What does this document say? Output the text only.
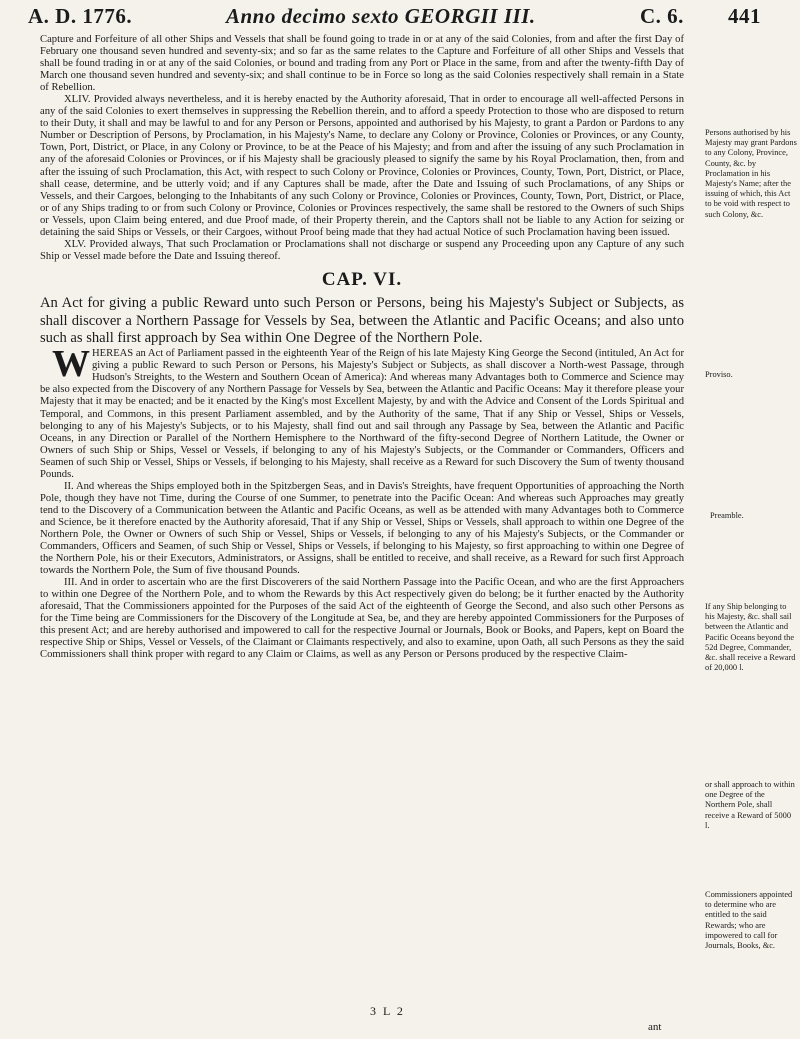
A. D. 1776.	Anno decimo sexto GEORGII III.	C. 6. 441

Capture and Forfeiture of all other Ships and Vessels that shall be found going to trade in or at any of the said Colonies, from and after the first Day of February one thousand seven hundred and seventy-six; and so far as the same relates to the Capture and Forfeiture of all other Ships and Vessels that shall be found trading in or at any of the said Colonies, or bound and trading from any Port or Place in the same, from and after the twenty-fifth Day of March one thousand seven hundred and seventy-six; and shall continue to be in Force so long as the said Colonies respectively shall remain in a State of Rebellion.

XLIV. Provided always nevertheless, and it is hereby enacted by the Authority aforesaid, That in order to encourage all well-affected Persons in any of the said Colonies to exert themselves in suppressing the Rebellion therein, and to afford a speedy Protection to those who are disposed to return to their Duty, it shall and may be lawful to and for any Person or Persons, appointed and authorised by his Majesty, to grant a Pardon or Pardons to any Number or Description of Persons, by Proclamation, in his Majesty's Name, to declare any Colony or Province, Colonies or Provinces, or any County, Town, Port, District, or Place, in any Colony or Province, to be at the Peace of his Majesty; and from and after the issuing of any such Proclamation in any of the aforesaid Colonies or Provinces, or if his Majesty shall be graciously pleased to signify the same by his Royal Proclamation, then, from and after the issuing of such Proclamation, this Act, with respect to such Colony or Province, Colonies or Provinces, County, Town, Port, District, or Place, shall cease, determine, and be utterly void; and if any Captures shall be made, after the Date and Issuing of such Proclamations, of any Ships or Vessels, and their Cargoes, belonging to the Inhabitants of any such Colony or Province, Colonies or Provinces, County, Town, Port, District, or Place, or of any Ships trading to or from such Colony or Province, Colonies or Provinces respectively, the same shall be restored to the Owners of such Ships or Vessels, upon Claim being entered, and due Proof made, of their Property therein, and the Captors shall not be liable to any Action for seizing or detaining the said Ships or Vessels, or their Cargoes, without Proof being made that they had actual Notice of such Proclamation having been issued.

XLV. Provided always, That such Proclamation or Proclamations shall not discharge or suspend any Proceeding upon any Capture of any such Ship or Vessel made before the Date and Issuing thereof.

CAP. VI.

An Act for giving a public Reward unto such Person or Persons, being his Majesty's Subject or Subjects, as shall discover a Northern Passage for Vessels by Sea, between the Atlantic and Pacific Oceans; and also unto such as shall first approach by Sea within One Degree of the Northern Pole.

WHEREAS an Act of Parliament passed in the eighteenth Year of the Reign of his late Majesty King George the Second (intituled, An Act for giving a public Reward to such Person or Persons, his Majesty's Subject or Subjects, as shall discover a North-west Passage, through Hudson's Streights, to the Western and Southern Ocean of America): And whereas many Advantages both to Commerce and Science may be also expected from the Discovery of any Northern Passage for Vessels by Sea, between the Atlantic and Pacific Oceans: May it therefore please your Majesty that it may be enacted; and be it enacted by the King's most Excellent Majesty, by and with the Advice and Consent of the Lords Spiritual and Temporal, and Commons, in this present Parliament assembled, and by the Authority of the same, That if any Ship or Vessel, Ships or Vessels, belonging to any of his Majesty's Subjects, or to his Majesty, shall find out and sail through any Passage by Sea, between the Atlantic and Pacific Oceans, in any Direction or Parallel of the Northern Hemisphere to the Northward of the fifty-second Degree of Northern Latitude, the Owner or Owners of such Ship or Ships, Vessel or Vessels, if belonging to any of his Majesty's Subjects, or the Commander or Commanders, Officers and Seamen of such Ship or Vessel, Ships or Vessels, if belonging to his Majesty, shall receive as a Reward for such Discovery the Sum of twenty thousand Pounds.

II. And whereas the Ships employed both in the Spitzbergen Seas, and in Davis's Streights, have frequent Opportunities of approaching the North Pole, though they have not Time, during the Course of one Summer, to penetrate into the Pacific Ocean: And whereas such Approaches may greatly tend to the Discovery of a Communication between the Atlantic and Pacific Oceans, as well as be attended with many Advantages both to Commerce and Science, be it therefore enacted by the Authority aforesaid, That if any Ship or Vessel, Ships or Vessels, shall approach to within one Degree of the Northern Pole, the Owner or Owners of such Ship or Vessel, Ships or Vessels, if belonging to any of his Majesty's Subjects, or the Commander or Commanders, Officers and Seamen, of such Ship or Vessel, Ships or Vessels, if belonging to his Majesty, so first approaching to within one Degree of the Northern Pole, his or their Executors, Administrators, or Assigns, shall be entitled to receive, and shall receive, as a Reward for such first Approach towards the Northern Pole, the Sum of five thousand Pounds.

III. And in order to ascertain who are the first Discoverers of the said Northern Passage into the Pacific Ocean, and who are the first Approachers to within one Degree of the Northern Pole, and to whom the Rewards by this Act respectively given do belong; be it further enacted by the Authority aforesaid, That the Commissioners appointed for the Purposes of the said Act of the eighteenth of George the Second, and also such other Persons as for the Time being are Commissioners for the Discovery of the Longitude at Sea, be, and they are hereby appointed Commissioners for the Purposes of this present Act; and are hereby authorised and impowered to call for the respective Journal or Journals, Book or Books, and Papers, kept on Board the respective Ship or Ships, Vessel or Vessels, of the Claimant or Claimants respectively, and also to examine, upon Oath, all such Persons as they the said Commissioners shall think proper with regard to any Claim or Claims, as well as any Person or Persons produced by the respective Claim-

Persons authorised by his Majesty may grant Pardons to any Colony, Province, County, &c. by Proclamation in his Majesty's Name; after the issuing of which, this Act to be void with respect to such Colony, &c.
Proviso.
Preamble.
If any Ship belonging to his Majesty, &c. shall sail between the Atlantic and Pacific Oceans beyond the 52d Degree, Commander, &c. shall receive a Reward of 20,000 l.
or shall approach to within one Degree of the Northern Pole, shall receive a Reward of 5000 l.
Commissioners appointed to determine who are entitled to the said Rewards; who are impowered to call for Journals, Books, &c.
3 L 2
ant
